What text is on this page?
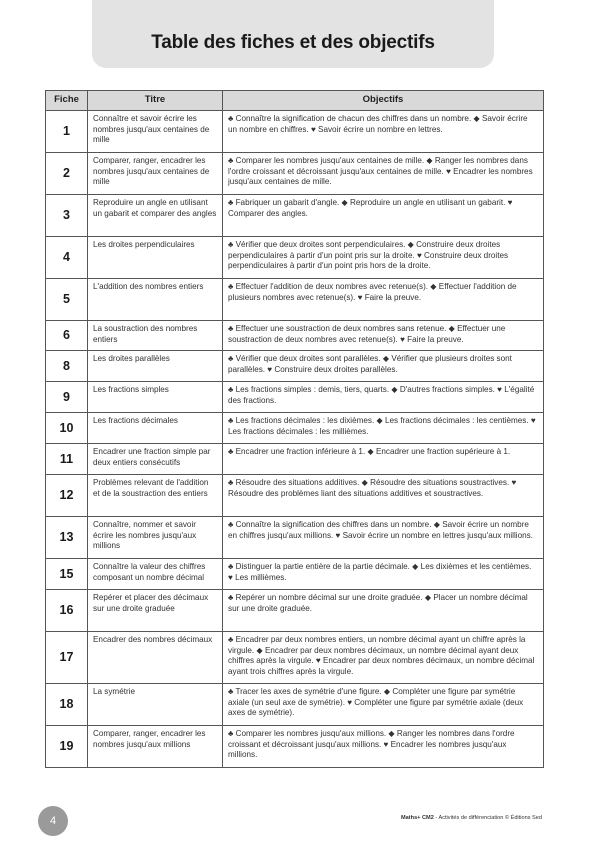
Table des fiches et des objectifs
Fiche	Titre	Objectifs
1	Connaître et savoir écrire les nombres jusqu'aux centaines de mille	♣ Connaître la signification de chacun des chiffres dans un nombre. ◆ Savoir écrire un nombre en chiffres. ♥ Savoir écrire un nombre en lettres.
2	Comparer, ranger, encadrer les nombres jusqu'aux centaines de mille	♣ Comparer les nombres jusqu'aux centaines de mille. ◆ Ranger les nombres dans l'ordre croissant et décroissant jusqu'aux centaines de mille. ♥ Encadrer les nombres jusqu'aux centaines de mille.
3	Reproduire un angle en utilisant un gabarit et comparer des angles	♣ Fabriquer un gabarit d'angle. ◆ Reproduire un angle en utilisant un gabarit. ♥ Comparer des angles.
4	Les droites perpendiculaires	♣ Vérifier que deux droites sont perpendiculaires. ◆ Construire deux droites perpendiculaires à partir d'un point pris sur la droite. ♥ Construire deux droites perpendiculaires à partir d'un point pris hors de la droite.
5	L'addition des nombres entiers	♣ Effectuer l'addition de deux nombres avec retenue(s). ◆ Effectuer l'addition de plusieurs nombres avec retenue(s). ♥ Faire la preuve.
6	La soustraction des nombres entiers	♣ Effectuer une soustraction de deux nombres sans retenue. ◆ Effectuer une soustraction de deux nombres avec retenue(s). ♥ Faire la preuve.
8	Les droites parallèles	♣ Vérifier que deux droites sont parallèles. ◆ Vérifier que plusieurs droites sont parallèles. ♥ Construire deux droites parallèles.
9	Les fractions simples	♣ Les fractions simples : demis, tiers, quarts. ◆ D'autres fractions simples. ♥ L'égalité des fractions.
10	Les fractions décimales	♣ Les fractions décimales : les dixièmes. ◆ Les fractions décimales : les centièmes. ♥ Les fractions décimales : les millièmes.
11	Encadrer une fraction simple par deux entiers consécutifs	♣ Encadrer une fraction inférieure à 1. ◆ Encadrer une fraction supérieure à 1.
12	Problèmes relevant de l'addition et de la soustraction des entiers	♣ Résoudre des situations additives. ◆ Résoudre des situations soustractives. ♥ Résoudre des problèmes liant des situations additives et soustractives.
13	Connaître, nommer et savoir écrire les nombres jusqu'aux millions	♣ Connaître la signification des chiffres dans un nombre. ◆ Savoir écrire un nombre en chiffres jusqu'aux millions. ♥ Savoir écrire un nombre en lettres jusqu'aux millions.
15	Connaître la valeur des chiffres composant un nombre décimal	♣ Distinguer la partie entière de la partie décimale. ◆ Les dixièmes et les centièmes. ♥ Les millièmes.
16	Repérer et placer des décimaux sur une droite graduée	♣ Repérer un nombre décimal sur une droite graduée. ◆ Placer un nombre décimal sur une droite graduée.
17	Encadrer des nombres décimaux	♣ Encadrer par deux nombres entiers, un nombre décimal ayant un chiffre après la virgule. ◆ Encadrer par deux nombres décimaux, un nombre décimal ayant deux chiffres après la virgule. ♥ Encadrer par deux nombres décimaux, un nombre décimal ayant trois chiffres après la virgule.
18	La symétrie	♣ Tracer les axes de symétrie d'une figure. ◆ Compléter une figure par symétrie axiale (un seul axe de symétrie). ♥ Compléter une figure par symétrie axiale (deux axes de symétrie).
19	Comparer, ranger, encadrer les nombres jusqu'aux millions	♣ Comparer les nombres jusqu'aux millions. ◆ Ranger les nombres dans l'ordre croissant et décroissant jusqu'aux millions. ♥ Encadrer les nombres jusqu'aux millions.
4	Maths+ CM2 - Activités de différenciation © Éditions Sed
